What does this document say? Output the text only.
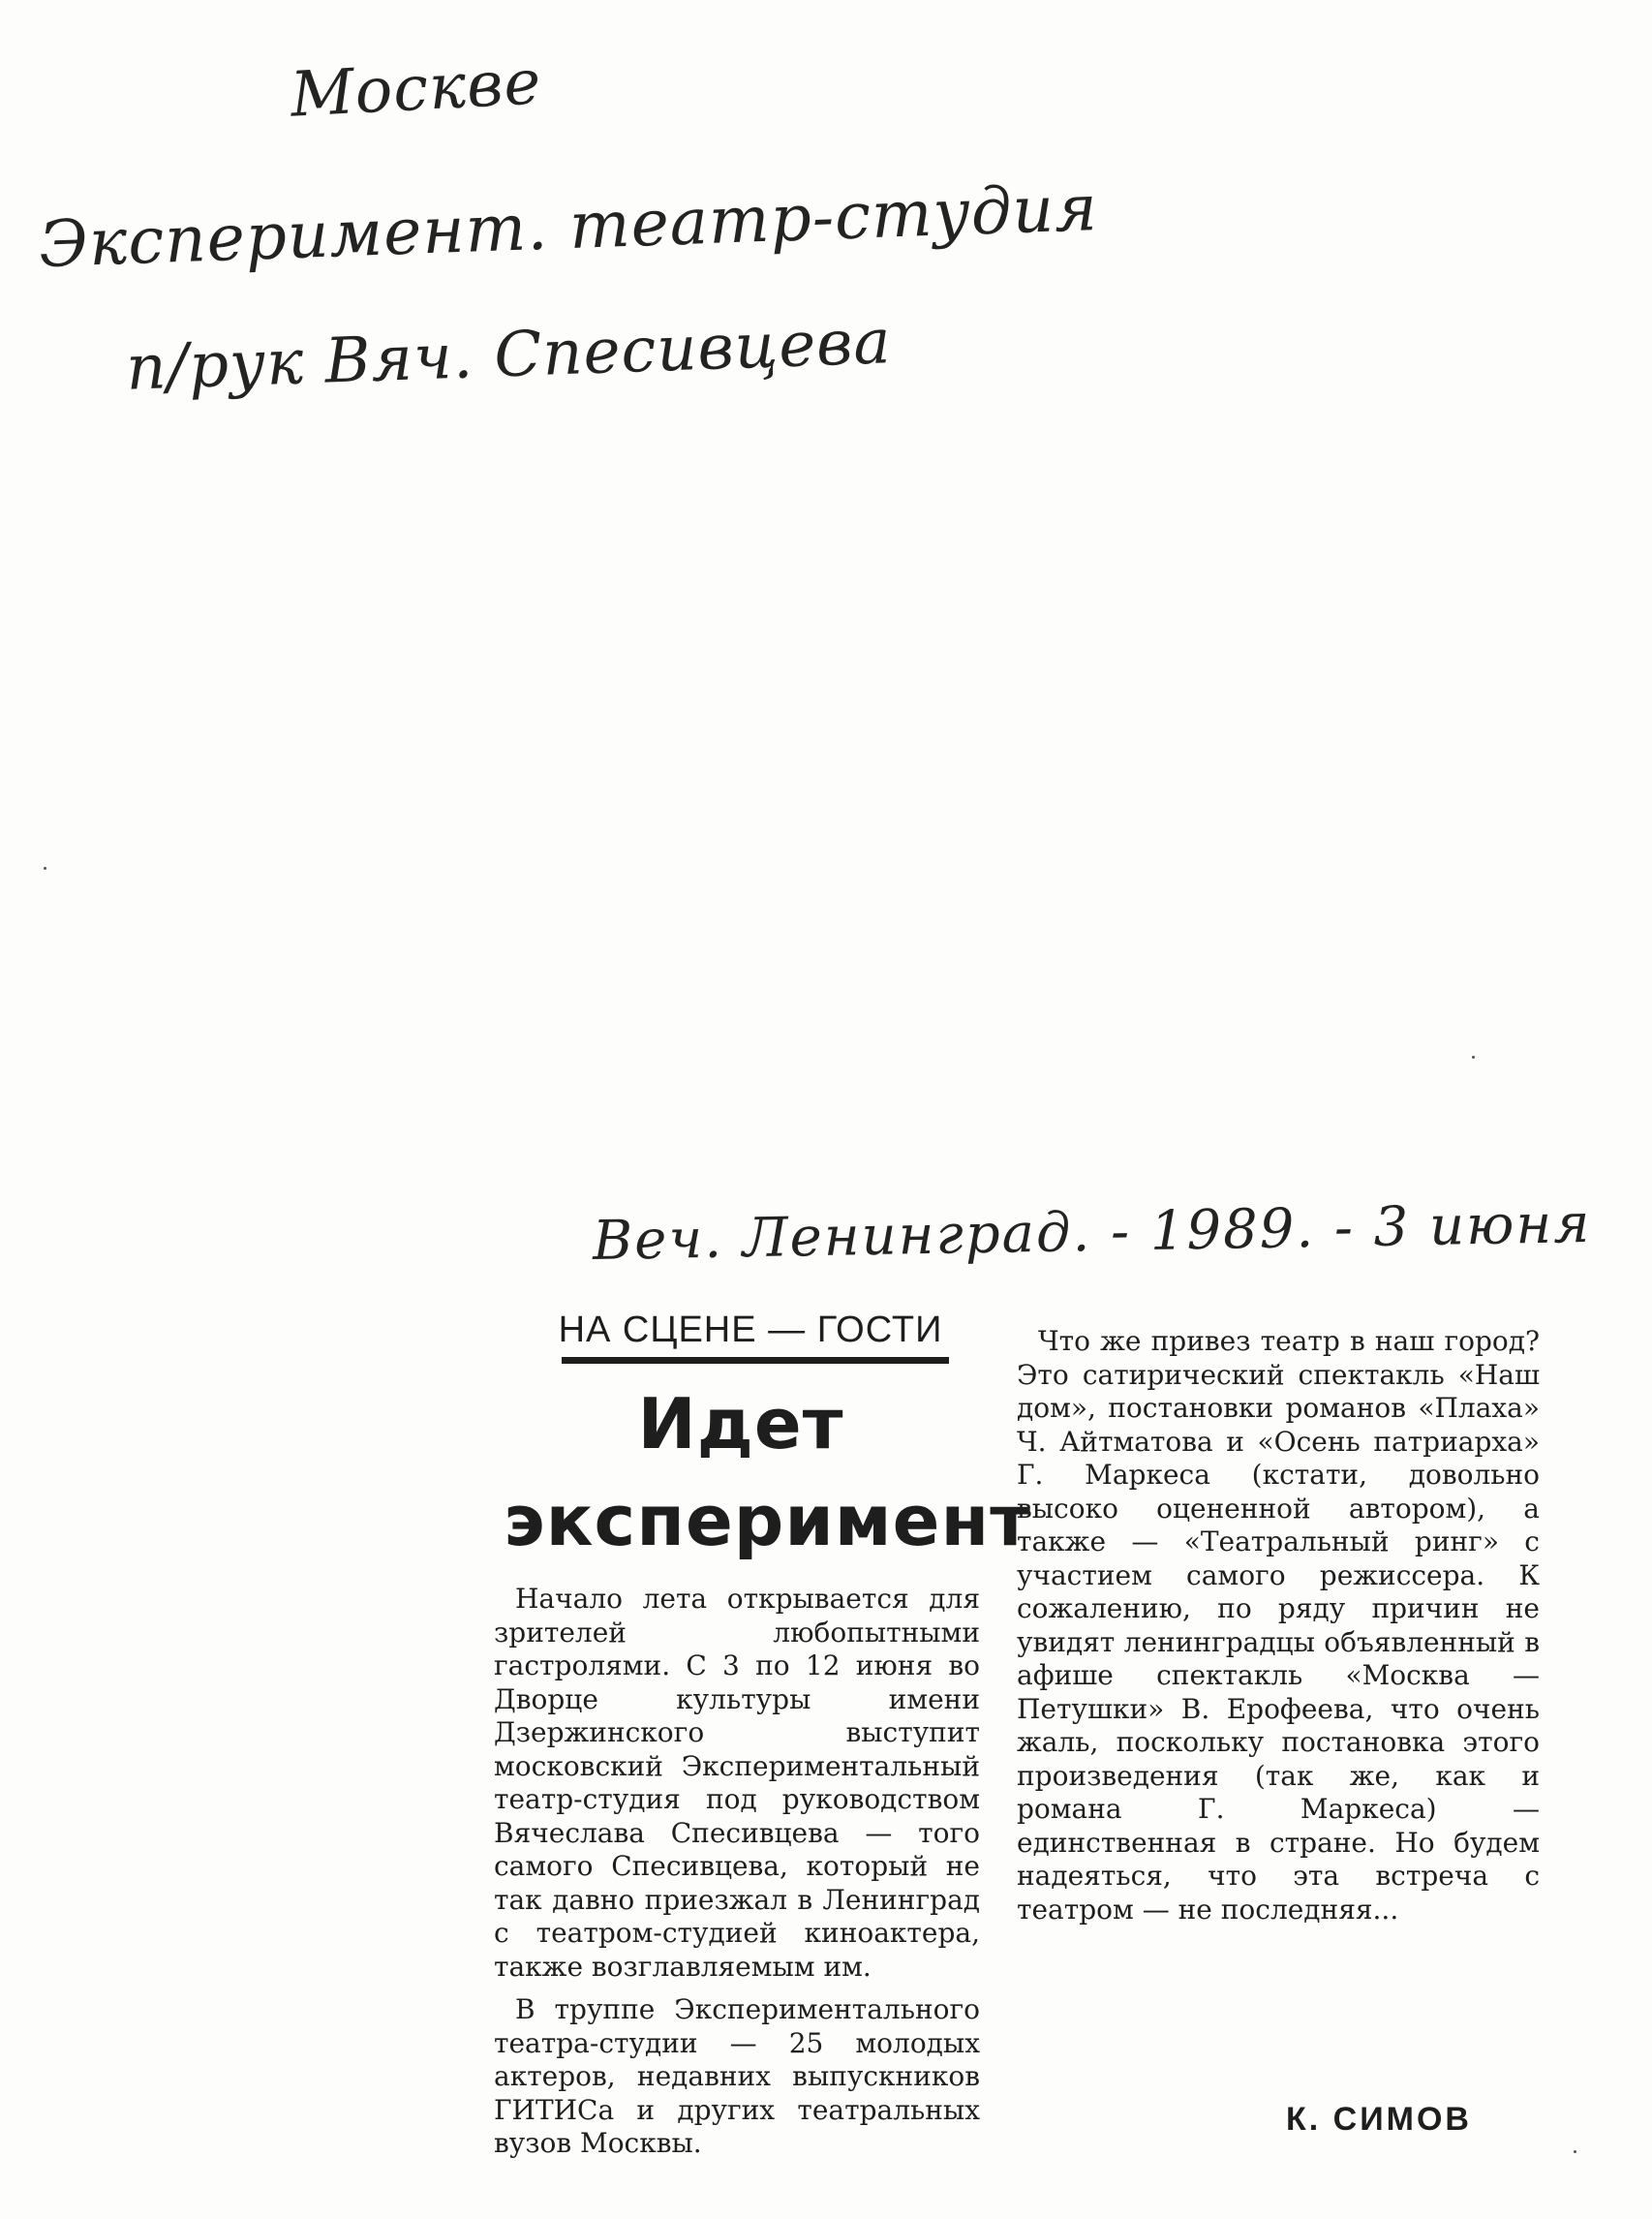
Москве
Эксперимент. театр-студия
п/рук Вяч. Спесивцева
Веч. Ленинград. - 1989. - 3 июня
НА СЦЕНЕ — ГОСТИ
Идет
эксперимент

Начало лета открывается для зрителей любопытными гастролями. С 3 по 12 июня во Дворце культуры имени Дзержинского выступит московский Экспериментальный театр-студия под руководством Вячеслава Спесивцева — того самого Спесивцева, который не так давно приезжал в Ленинград с театром-студией киноактера, также возглавляемым им.

В труппе Экспериментального театра-студии — 25 молодых актеров, недавних выпускников ГИТИСа и других театральных вузов Москвы.

Что же привез театр в наш город? Это сатирический спектакль «Наш дом», постановки романов «Плаха» Ч. Айтматова и «Осень патриарха» Г. Маркеса (кстати, довольно высоко оцененной автором), а также — «Театральный ринг» с участием самого режиссера. К сожалению, по ряду причин не увидят ленинградцы объявленный в афише спектакль «Москва — Петушки» В. Ерофеева, что очень жаль, поскольку постановка этого произведения (так же, как и романа Г. Маркеса) — единственная в стране. Но будем надеяться, что эта встреча с театром — не последняя...

К. СИМОВ
